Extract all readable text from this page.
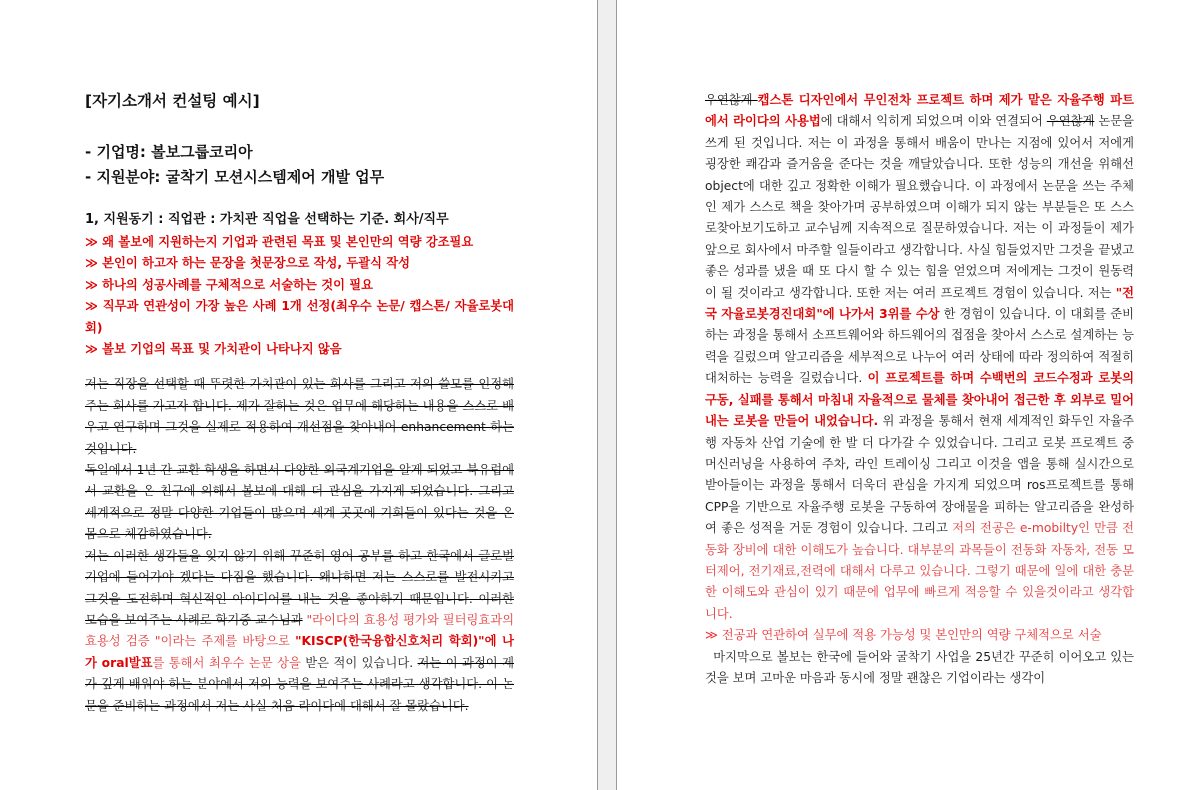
[자기소개서 컨설팅 예시]

- 기업명: 볼보그룹코리아

- 지원분야: 굴착기 모션시스템제어 개발 업무

1, 지원동기 : 직업관 : 가치관 직업을 선택하는 기준. 회사/직무

≫ 왜 볼보에 지원하는지 기업과 관련된 목표 및 본인만의 역량 강조필요

≫ 본인이 하고자 하는 문장을 첫문장으로 작성, 두괄식 작성

≫ 하나의 성공사례를 구체적으로 서술하는 것이 필요

≫ 직무과 연관성이 가장 높은 사례 1개 선정(최우수 논문/ 캡스톤/ 자율로봇대회)

≫ 볼보 기업의 목표 및 가치관이 나타나지 않음

저는 직장을 선택할 때 뚜렷한 가치관이 있는 회사를 그리고 저의 쓸모를 인정해주는 회사를 가고자 합니다. 제가 잘하는 것은 업무에 해당하는 내용을 스스로 배우고 연구하며 그것을 실제로 적용하여 개선점을 찾아내어 enhancement 하는 것입니다.

독일에서 1년 간 교환 학생을 하면서 다양한 외국계기업을 알게 되었고 북유럽에서 교환을 온 친구에 의해서 볼보에 대해 더 관심을 가지게 되었습니다. 그리고 세계적으로 정말 다양한 기업들이 많으며 세계 곳곳에 기회들이 있다는 것을 온몸으로 체감하였습니다.

저는 이러한 생각들을 잊지 않기 위해 꾸준히 영어 공부를 하고 한국에서 글로벌 기업에 들어가야 겠다는 다짐을 했습니다. 왜냐하면 저는 스스로를 발전시키고 그것을 도전하며 혁신적인 아이디어를 내는 것을 좋아하기 때문입니다. 이러한 모습을 보여주는 사례로 학기중 교수님과 "라이다의 효용성 평가와 필터링효과의 효용성 검증 "이라는 주제를 바탕으로 "KISCP(한국융합신호처리 학회)"에 나가 oral발표를 통해서 최우수 논문 상을 받은 적이 있습니다. 저는 이 과정이 제가 깊게 배워야 하는 분야에서 저의 능력을 보여주는 사례라고 생각합니다. 이 논문을 준비하는 과정에서 저는 사실 처음 라이다에 대해서 잘 몰랐습니다.

우연찮게 캡스톤 디자인에서 무인전차 프로젝트 하며 제가 맡은 자율주행 파트에서 라이다의 사용법에 대해서 익히게 되었으며 이와 연결되어 우연찮게 논문을 쓰게 된 것입니다. 저는 이 과정을 통해서 배움이 만나는 지점에 있어서 저에게 굉장한 쾌감과 즐거움을 준다는 것을 깨달았습니다. 또한 성능의 개선을 위해선 object에 대한 깊고 정확한 이해가 필요했습니다. 이 과정에서 논문을 쓰는 주체인 제가 스스로 책을 찾아가며 공부하였으며 이해가 되지 않는 부분들은 또 스스로찾아보기도하고 교수님께 지속적으로 질문하였습니다. 저는 이 과정들이 제가 앞으로 회사에서 마주할 일들이라고 생각합니다. 사실 힘들었지만 그것을 끝냈고 좋은 성과를 냈을 때 또 다시 할 수 있는 힘을 얻었으며 저에게는 그것이 원동력이 될 것이라고 생각합니다. 또한 저는 여러 프로젝트 경험이 있습니다. 저는 "전국 자율로봇경진대회"에 나가서 3위를 수상 한 경험이 있습니다. 이 대회를 준비하는 과정을 통해서 소프트웨어와 하드웨어의 접점을 찾아서 스스로 설계하는 능력을 길렀으며 알고리즘을 세부적으로 나누어 여러 상태에 따라 정의하여 적절히 대처하는 능력을 길렀습니다. 이 프로젝트를 하며 수백번의 코드수정과 로봇의 구동, 실패를 통해서 마침내 자율적으로 물체를 찾아내어 접근한 후 외부로 밀어내는 로봇을 만들어 내었습니다. 위 과정을 통해서 현재 세계적인 화두인 자율주행 자동차 산업 기술에 한 발 더 다가갈 수 있었습니다. 그리고 로봇 프로젝트 중 머신러닝을 사용하여 주차, 라인 트레이싱 그리고 이것을 앱을 통해 실시간으로 받아들이는 과정을 통해서 더욱더 관심을 가지게 되었으며 ros프로젝트를 통해 CPP을 기반으로 자율주행 로봇을 구동하여 장애물을 피하는 알고리즘을 완성하여 좋은 성적을 거둔 경험이 있습니다. 그리고 저의 전공은 e-mobilty인 만큼 전동화 장비에 대한 이해도가 높습니다. 대부분의 과목들이 전동화 자동차, 전동 모터제어, 전기재료,전력에 대해서 다루고 있습니다. 그렇기 때문에 일에 대한 충분한 이해도와 관심이 있기 때문에 업무에 빠르게 적응할 수 있을것이라고 생각합니다.

≫ 전공과 연관하여 실무에 적용 가능성 및 본인만의 역량 구체적으로 서술

마지막으로 볼보는 한국에 들어와 굴착기 사업을 25년간 꾸준히 이어오고 있는 것을 보며 고마운 마음과 동시에 정말 괜찮은 기업이라는 생각이
